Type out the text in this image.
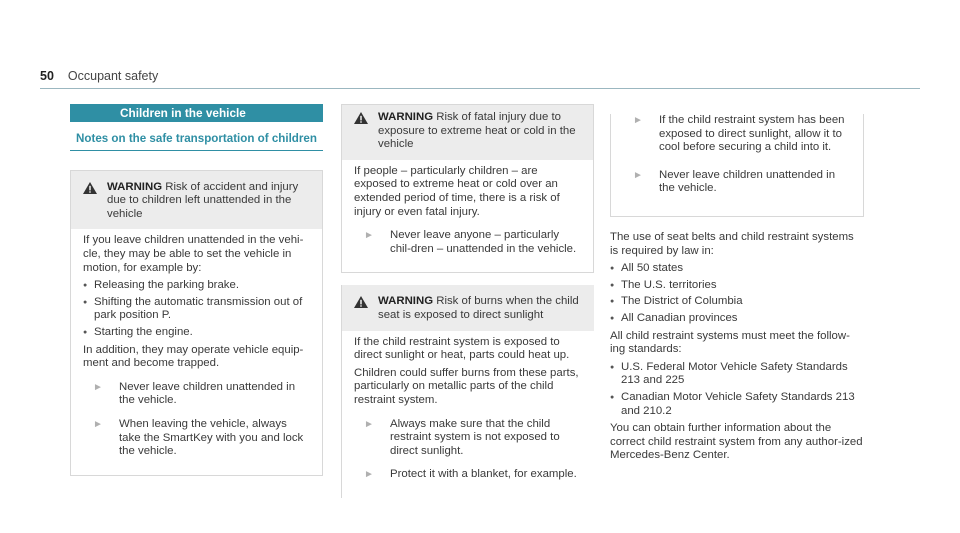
50 Occupant safety
Children in the vehicle
Notes on the safe transportation of children
WARNING Risk of accident and injury due to children left unattended in the vehicle

If you leave children unattended in the vehi-cle, they may be able to set the vehicle in motion, for example by:

● Releasing the parking brake.
● Shifting the automatic transmission out of park position P.
● Starting the engine.

In addition, they may operate vehicle equip-ment and become trapped.

► Never leave children unattended in the vehicle.
► When leaving the vehicle, always take the SmartKey with you and lock the vehicle.
WARNING Risk of fatal injury due to exposure to extreme heat or cold in the vehicle

If people – particularly children – are exposed to extreme heat or cold over an extended period of time, there is a risk of injury or even fatal injury.

► Never leave anyone – particularly chil-dren – unattended in the vehicle.
WARNING Risk of burns when the child seat is exposed to direct sunlight

If the child restraint system is exposed to direct sunlight or heat, parts could heat up.

Children could suffer burns from these parts, particularly on metallic parts of the child restraint system.

► Always make sure that the child restraint system is not exposed to direct sunlight.
► Protect it with a blanket, for example.
► If the child restraint system has been exposed to direct sunlight, allow it to cool before securing a child into it.
► Never leave children unattended in the vehicle.

The use of seat belts and child restraint systems is required by law in:

● All 50 states
● The U.S. territories
● The District of Columbia
● All Canadian provinces

All child restraint systems must meet the follow-ing standards:

● U.S. Federal Motor Vehicle Safety Standards 213 and 225
● Canadian Motor Vehicle Safety Standards 213 and 210.2

You can obtain further information about the correct child restraint system from any author-ized Mercedes-Benz Center.
